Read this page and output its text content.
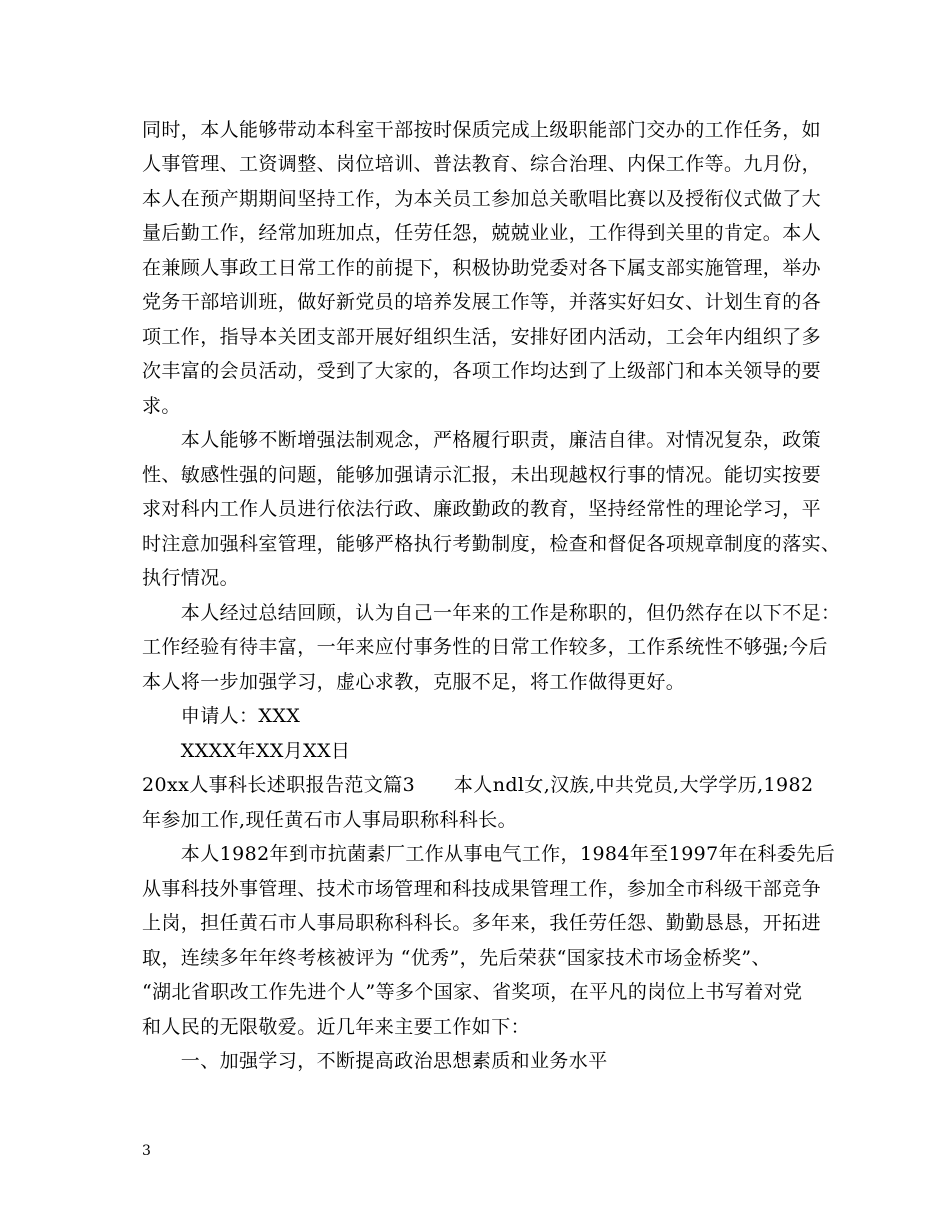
同时，本人能够带动本科室干部按时保质完成上级职能部门交办的工作任务，如
人事管理、工资调整、岗位培训、普法教育、综合治理、内保工作等。九月份，
本人在预产期期间坚持工作，为本关员工参加总关歌唱比赛以及授衔仪式做了大
量后勤工作，经常加班加点，任劳任怨，兢兢业业，工作得到关里的肯定。本人
在兼顾人事政工日常工作的前提下，积极协助党委对各下属支部实施管理，举办
党务干部培训班，做好新党员的培养发展工作等，并落实好妇女、计划生育的各
项工作，指导本关团支部开展好组织生活，安排好团内活动，工会年内组织了多
次丰富的会员活动，受到了大家的，各项工作均达到了上级部门和本关领导的要
求。
　　本人能够不断增强法制观念，严格履行职责，廉洁自律。对情况复杂，政策
性、敏感性强的问题，能够加强请示汇报，未出现越权行事的情况。能切实按要
求对科内工作人员进行依法行政、廉政勤政的教育，坚持经常性的理论学习，平
时注意加强科室管理，能够严格执行考勤制度，检查和督促各项规章制度的落实、
执行情况。
　　本人经过总结回顾，认为自己一年来的工作是称职的，但仍然存在以下不足：
工作经验有待丰富，一年来应付事务性的日常工作较多，工作系统性不够强;今后
本人将一步加强学习，虚心求教，克服不足，将工作做得更好。
　　申请人：XXX
　　XXXX年XX月XX日
20xx人事科长述职报告范文篇3　　本人ndl女,汉族,中共党员,大学学历,1982
年参加工作,现任黄石市人事局职称科科长。
　　本人1982年到市抗菌素厂工作从事电气工作，1984年至1997年在科委先后
从事科技外事管理、技术市场管理和科技成果管理工作，参加全市科级干部竞争
上岗，担任黄石市人事局职称科科长。多年来，我任劳任怨、勤勤恳恳，开拓进
取，连续多年年终考核被评为 “优秀”，先后荣获“国家技术市场金桥奖”、
“湖北省职改工作先进个人”等多个国家、省奖项，在平凡的岗位上书写着对党
和人民的无限敬爱。近几年来主要工作如下：
　　一、加强学习，不断提高政治思想素质和业务水平
3
